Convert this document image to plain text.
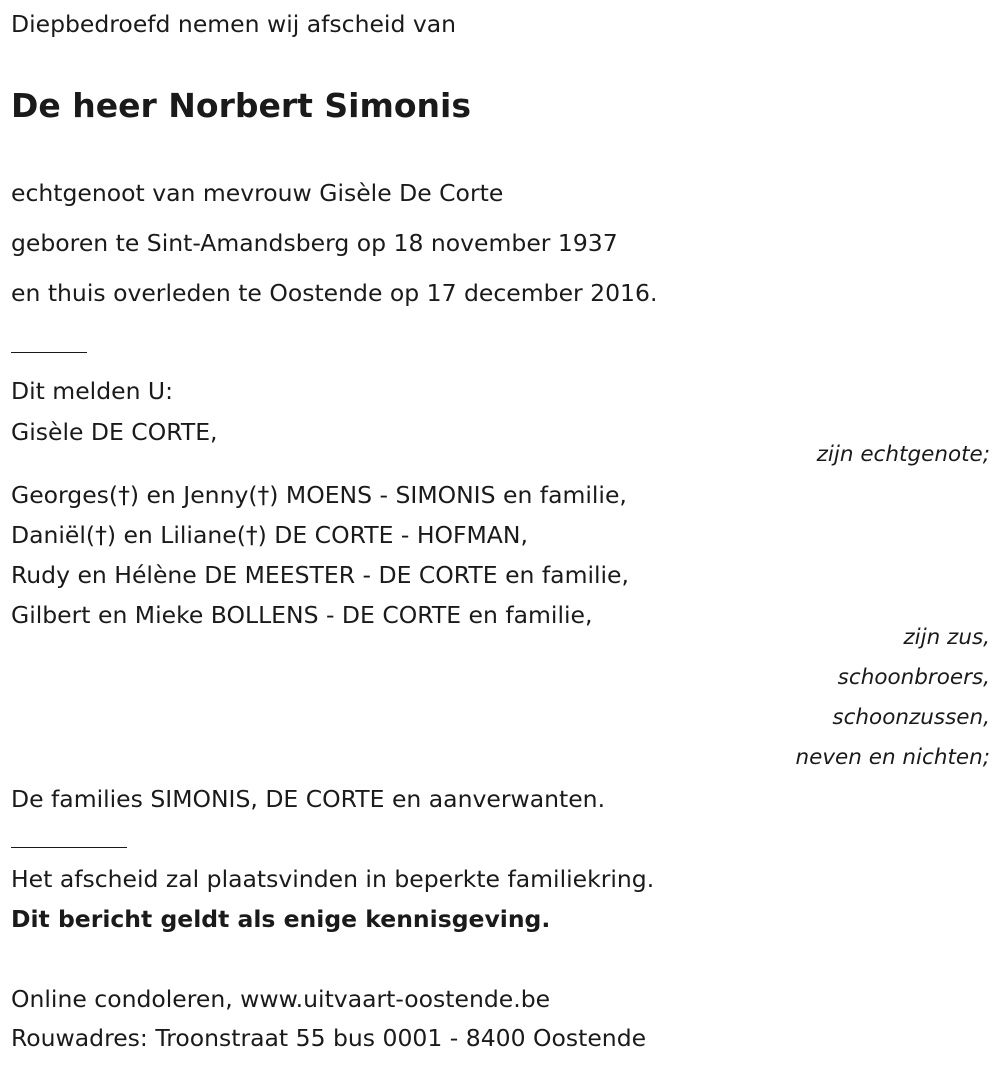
Diepbedroefd nemen wij afscheid van
De heer Norbert Simonis
echtgenoot van mevrouw Gisèle De Corte
geboren te Sint-Amandsberg op 18 november 1937
en thuis overleden te Oostende op 17 december 2016.
Dit melden U:
Gisèle DE CORTE,
zijn echtgenote;
Georges(†) en Jenny(†) MOENS - SIMONIS en familie,
Daniël(†) en Liliane(†) DE CORTE - HOFMAN,
Rudy en Hélène DE MEESTER - DE CORTE en familie,
Gilbert en Mieke BOLLENS - DE CORTE en familie,
zijn zus,
schoonbroers,
schoonzussen,
neven en nichten;
De families SIMONIS, DE CORTE en aanverwanten.
Het afscheid zal plaatsvinden in beperkte familiekring.
Dit bericht geldt als enige kennisgeving.
Online condoleren, www.uitvaart-oostende.be
Rouwadres: Troonstraat 55 bus 0001 - 8400 Oostende
